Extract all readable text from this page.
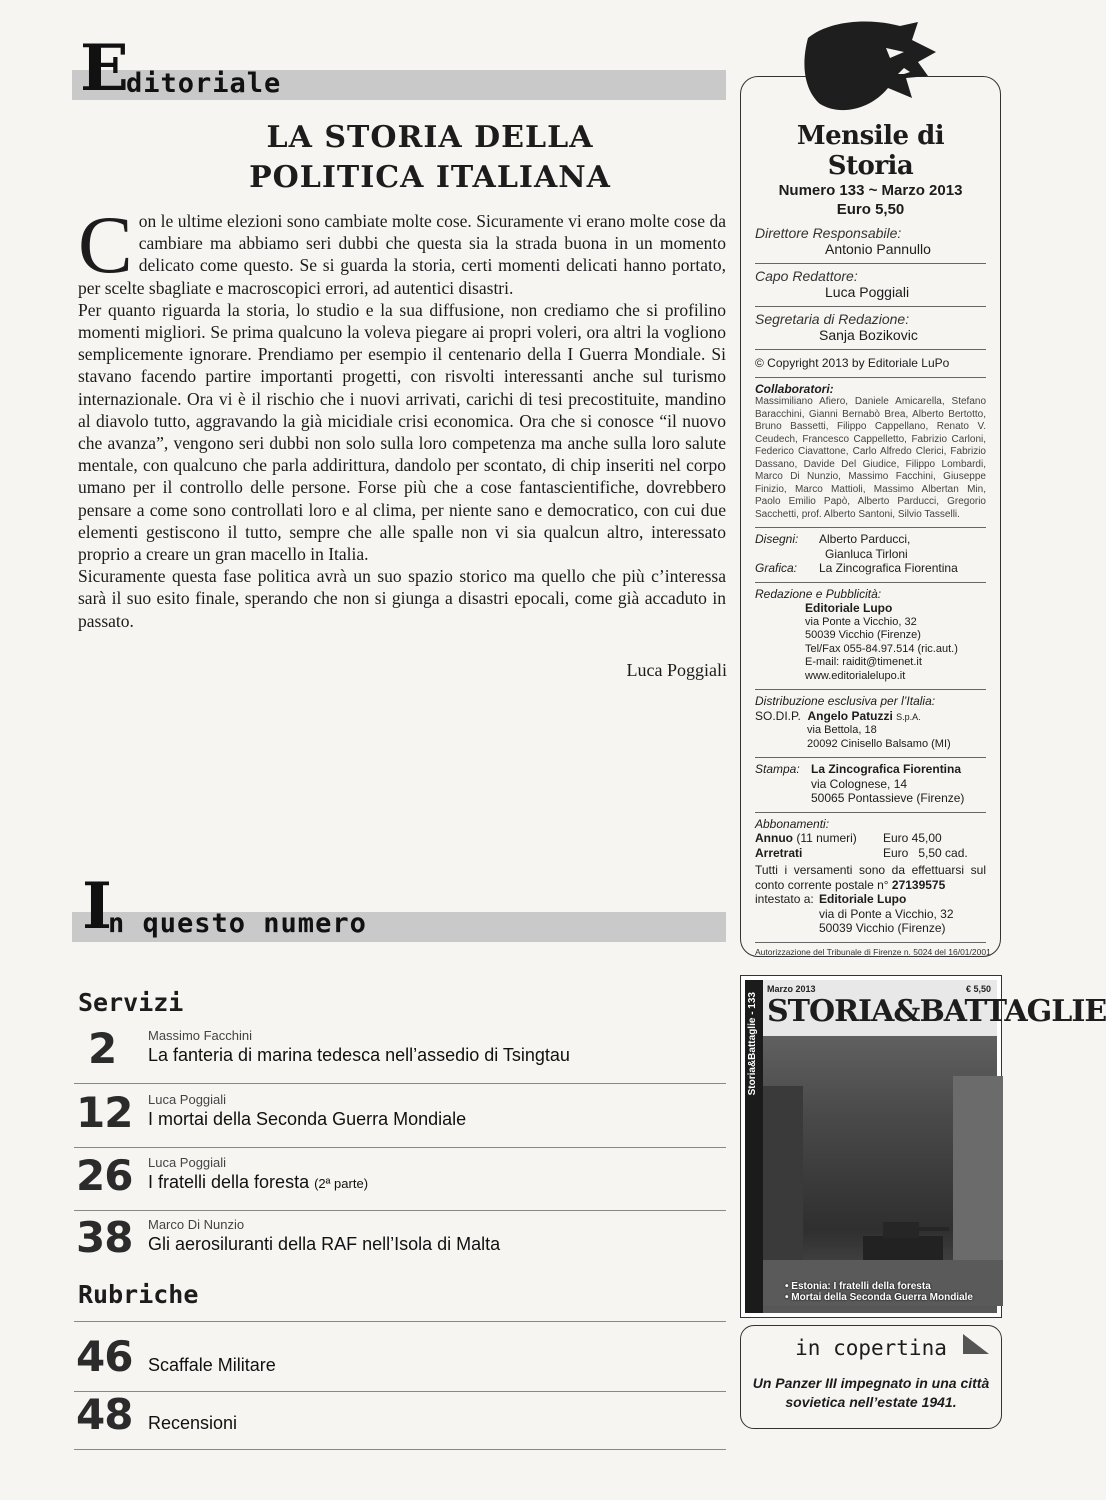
E
ditoriale
LA STORIA DELLA
POLITICA ITALIANA

Con le ultime elezioni sono cambiate molte cose. Sicuramente vi erano molte cose da cambiare ma abbiamo seri dubbi che questa sia la strada buona in un momento delicato come questo. Se si guarda la storia, certi momenti delicati hanno portato, per scelte sbagliate e macroscopici errori, ad autentici disastri.

Per quanto riguarda la storia, lo studio e la sua diffusione, non crediamo che si profilino momenti migliori. Se prima qualcuno la voleva piegare ai propri voleri, ora altri la vogliono semplicemente ignorare. Prendiamo per esempio il centenario della I Guerra Mondiale. Si stavano facendo partire importanti progetti, con risvolti interessanti anche sul turismo internazionale. Ora vi è il rischio che i nuovi arrivati, carichi di tesi precostituite, mandino al diavolo tutto, aggravando la già micidiale crisi economica. Ora che si conosce “il nuovo che avanza”, vengono seri dubbi non solo sulla loro competenza ma anche sulla loro salute mentale, con qualcuno che parla addirittura, dandolo per scontato, di chip inseriti nel corpo umano per il controllo delle persone. Forse più che a cose fantascientifiche, dovrebbero pensare a come sono controllati loro e al clima, per niente sano e democratico, con cui due elementi gestiscono il tutto, sempre che alle spalle non vi sia qualcun altro, interessato proprio a creare un gran macello in Italia.

Sicuramente questa fase politica avrà un suo spazio storico ma quello che più c’interessa sarà il suo esito finale, sperando che non si giunga a disastri epocali, come già accaduto in passato.

Luca Poggiali
I
n questo numero
Servizi
2 Massimo Facchini
La fanteria di marina tedesca nell’assedio di Tsingtau
12 Luca Poggiali
I mortai della Seconda Guerra Mondiale
26 Luca Poggiali
I fratelli della foresta (2ª parte)
38 Marco Di Nunzio
Gli aerosiluranti della RAF nell’Isola di Malta
Rubriche
46 Scaffale Militare
48 Recensioni
Mensile di Storia
Numero 133 ~ Marzo 2013
Euro 5,50
Direttore Responsabile:
Antonio Pannullo
Capo Redattore:
Luca Poggiali
Segretaria di Redazione:
Sanja Bozikovic
© Copyright 2013 by Editoriale LuPo
Collaboratori:
Massimiliano Afiero, Daniele Amicarella, Stefano Baracchini, Gianni Bernabò Brea, Alberto Bertotto, Bruno Bassetti, Filippo Cappellano, Renato V. Ceudech, Francesco Cappelletto, Fabrizio Carloni, Federico Ciavattone, Carlo Alfredo Clerici, Fabrizio Dassano, Davide Del Giudice, Filippo Lombardi, Marco Di Nunzio, Massimo Facchini, Giuseppe Finizio, Marco Mattioli, Massimo Albertan Min, Paolo Emilio Papò, Alberto Parducci, Gregorio Sacchetti, prof. Alberto Santoni, Silvio Tasselli.
Disegni:	Alberto Parducci,
Gianluca Tirloni
Grafica:	La Zincografica Fiorentina
Redazione e Pubblicità:
Editoriale Lupo
via Ponte a Vicchio, 32
50039 Vicchio (Firenze)
Tel/Fax 055-84.97.514 (ric.aut.)
E-mail: raidit@timenet.it
www.editorialelupo.it
Distribuzione esclusiva per l’Italia:
SO.DI.P. Angelo Patuzzi S.p.A.
via Bettola, 18
20092 Cinisello Balsamo (MI)
Stampa: La Zincografica Fiorentina
via Colognese, 14
50065 Pontassieve (Firenze)
Abbonamenti:
Annuo (11 numeri)	Euro 45,00
Arretrati	Euro   5,50 cad.
Tutti i versamenti sono da effettuarsi sul conto corrente postale n° 27139575
intestato a: Editoriale Lupo
via di Ponte a Vicchio, 32
50039 Vicchio (Firenze)
Autorizzazione del Tribunale di Firenze n. 5024 del 16/01/2001
Marzo 2013	€ 5,50
STORIA&BATTAGLIE
Storia&Battaglie - 133
• Estonia: I fratelli della foresta
• Mortai della Seconda Guerra Mondiale
in copertina
Un Panzer III impegnato in una città sovietica nell’estate 1941.
